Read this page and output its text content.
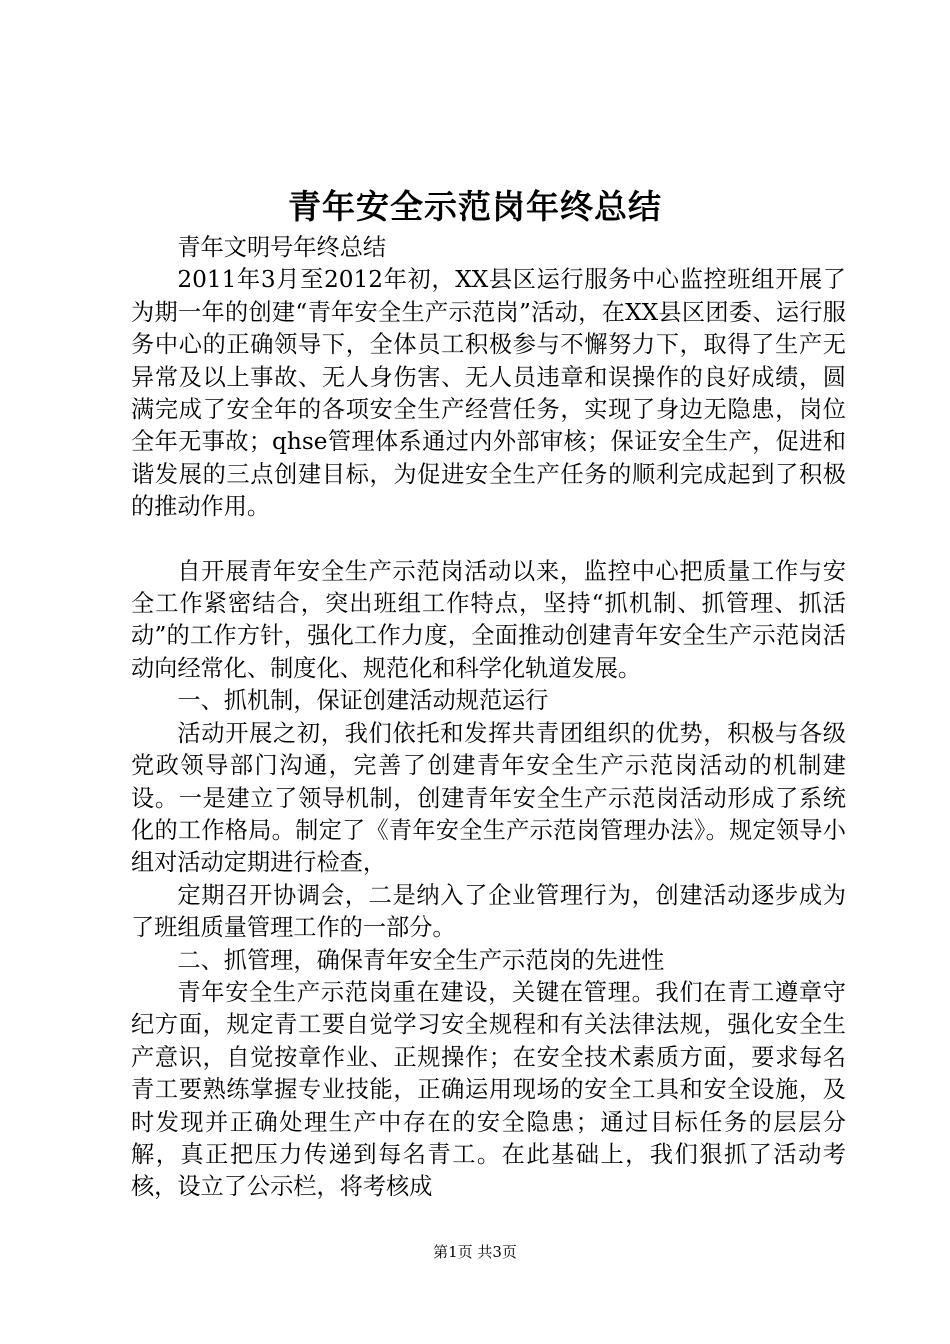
青年安全示范岗年终总结

青年文明号年终总结

2011年3月至2012年初，XX县区运行服务中心监控班组开展了为期一年的创建“青年安全生产示范岗”活动，在XX县区团委、运行服务中心的正确领导下，全体员工积极参与不懈努力下，取得了生产无异常及以上事故、无人身伤害、无人员违章和误操作的良好成绩，圆满完成了安全年的各项安全生产经营任务，实现了身边无隐患，岗位全年无事故；qhse管理体系通过内外部审核；保证安全生产，促进和谐发展的三点创建目标，为促进安全生产任务的顺利完成起到了积极的推动作用。

自开展青年安全生产示范岗活动以来，监控中心把质量工作与安全工作紧密结合，突出班组工作特点，坚持“抓机制、抓管理、抓活动”的工作方针，强化工作力度，全面推动创建青年安全生产示范岗活动向经常化、制度化、规范化和科学化轨道发展。

一、抓机制，保证创建活动规范运行

活动开展之初，我们依托和发挥共青团组织的优势，积极与各级党政领导部门沟通，完善了创建青年安全生产示范岗活动的机制建设。一是建立了领导机制，创建青年安全生产示范岗活动形成了系统化的工作格局。制定了《青年安全生产示范岗管理办法》。规定领导小组对活动定期进行检查，

定期召开协调会，二是纳入了企业管理行为，创建活动逐步成为了班组质量管理工作的一部分。

二、抓管理，确保青年安全生产示范岗的先进性

青年安全生产示范岗重在建设，关键在管理。我们在青工遵章守纪方面，规定青工要自觉学习安全规程和有关法律法规，强化安全生产意识，自觉按章作业、正规操作；在安全技术素质方面，要求每名青工要熟练掌握专业技能，正确运用现场的安全工具和安全设施，及时发现并正确处理生产中存在的安全隐患；通过目标任务的层层分解，真正把压力传递到每名青工。在此基础上，我们狠抓了活动考核，设立了公示栏，将考核成

第1页 共3页
